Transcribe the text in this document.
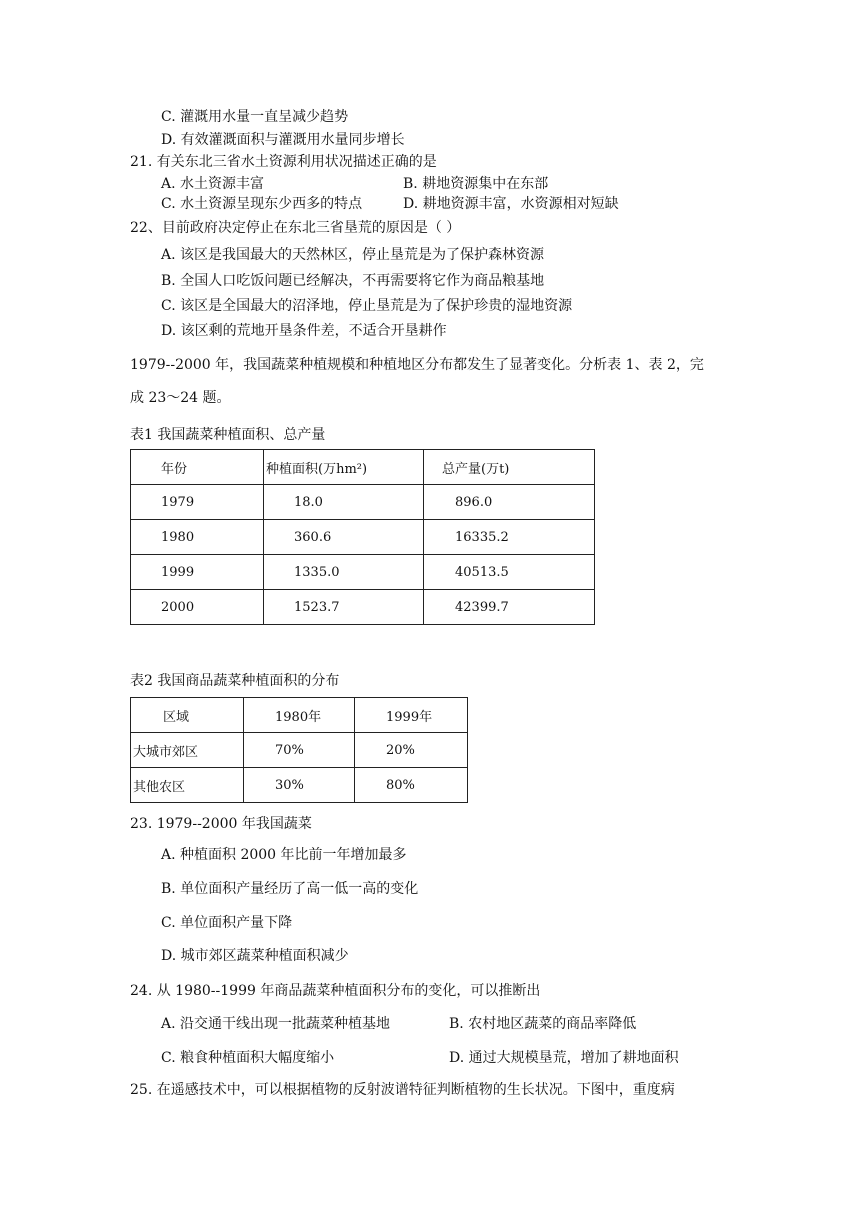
C. 灌溉用水量一直呈减少趋势
D. 有效灌溉面积与灌溉用水量同步增长
21. 有关东北三省水土资源利用状况描述正确的是
A. 水土资源丰富	B. 耕地资源集中在东部
C. 水土资源呈现东少西多的特点	D. 耕地资源丰富，水资源相对短缺
22、目前政府决定停止在东北三省垦荒的原因是（ ）
A. 该区是我国最大的天然林区，停止垦荒是为了保护森林资源
B. 全国人口吃饭问题已经解决，不再需要将它作为商品粮基地
C. 该区是全国最大的沼泽地，停止垦荒是为了保护珍贵的湿地资源
D. 该区剩的荒地开垦条件差，不适合开垦耕作
1979--2000 年，我国蔬菜种植规模和种植地区分布都发生了显著变化。分析表 1、表 2，完
成 23～24 题。
表1 我国蔬菜种植面积、总产量
年份	种植面积(万hm²)	总产量(万t)
1979	18.0	896.0
1980	360.6	16335.2
1999	1335.0	40513.5
2000	1523.7	42399.7
表2 我国商品蔬菜种植面积的分布
区域	1980年	1999年
大城市郊区	70%	20%
其他农区	30%	80%
23. 1979--2000 年我国蔬菜
A. 种植面积 2000 年比前一年增加最多
B. 单位面积产量经历了高一低一高的变化
C. 单位面积产量下降
D. 城市郊区蔬菜种植面积减少
24. 从 1980--1999 年商品蔬菜种植面积分布的变化，可以推断出
A. 沿交通干线出现一批蔬菜种植基地	B. 农村地区蔬菜的商品率降低
C. 粮食种植面积大幅度缩小	D. 通过大规模垦荒，增加了耕地面积
25. 在遥感技术中，可以根据植物的反射波谱特征判断植物的生长状况。下图中，重度病
